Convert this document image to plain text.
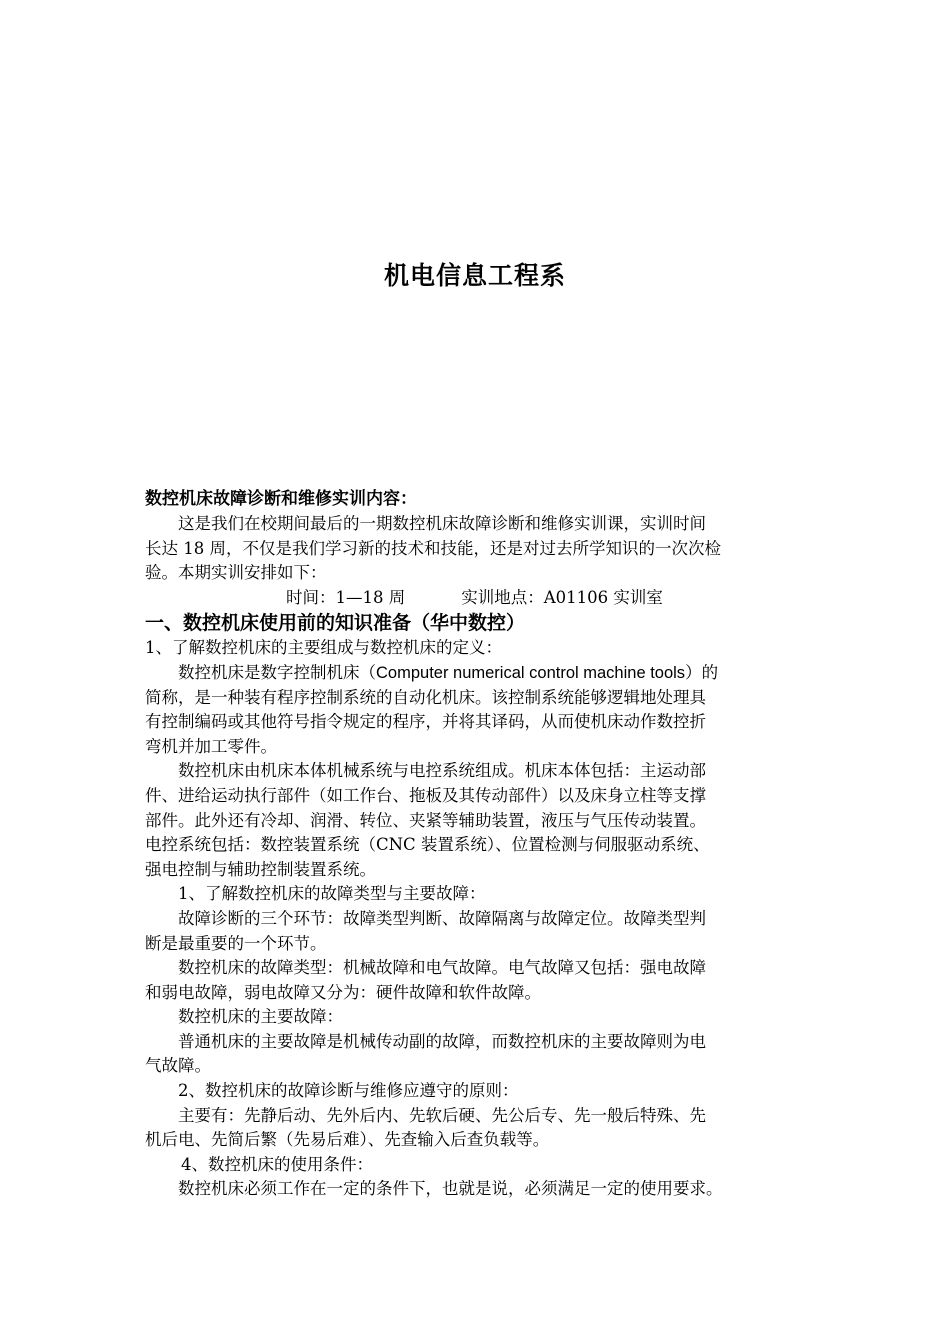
机电信息工程系
数控机床故障诊断和维修实训内容：
这是我们在校期间最后的一期数控机床故障诊断和维修实训课，实训时间
长达 18 周，不仅是我们学习新的技术和技能，还是对过去所学知识的一次次检
验。本期实训安排如下：
时间：1—18 周	实训地点：A01106 实训室
一、数控机床使用前的知识准备（华中数控）
1、了解数控机床的主要组成与数控机床的定义：
数控机床是数字控制机床（Computer numerical control machine tools）的
简称，是一种装有程序控制系统的自动化机床。该控制系统能够逻辑地处理具
有控制编码或其他符号指令规定的程序，并将其译码，从而使机床动作数控折
弯机并加工零件。
数控机床由机床本体机械系统与电控系统组成。机床本体包括：主运动部
件、进给运动执行部件（如工作台、拖板及其传动部件）以及床身立柱等支撑
部件。此外还有冷却、润滑、转位、夹紧等辅助装置，液压与气压传动装置。
电控系统包括：数控装置系统（CNC 装置系统）、位置检测与伺服驱动系统、
强电控制与辅助控制装置系统。
1、了解数控机床的故障类型与主要故障：
故障诊断的三个环节：故障类型判断、故障隔离与故障定位。故障类型判
断是最重要的一个环节。
数控机床的故障类型：机械故障和电气故障。电气故障又包括：强电故障
和弱电故障，弱电故障又分为：硬件故障和软件故障。
数控机床的主要故障：
普通机床的主要故障是机械传动副的故障，而数控机床的主要故障则为电
气故障。
2、数控机床的故障诊断与维修应遵守的原则：
主要有：先静后动、先外后内、先软后硬、先公后专、先一般后特殊、先
机后电、先简后繁（先易后难）、先查输入后查负载等。
4、数控机床的使用条件：
数控机床必须工作在一定的条件下，也就是说，必须满足一定的使用要求。
